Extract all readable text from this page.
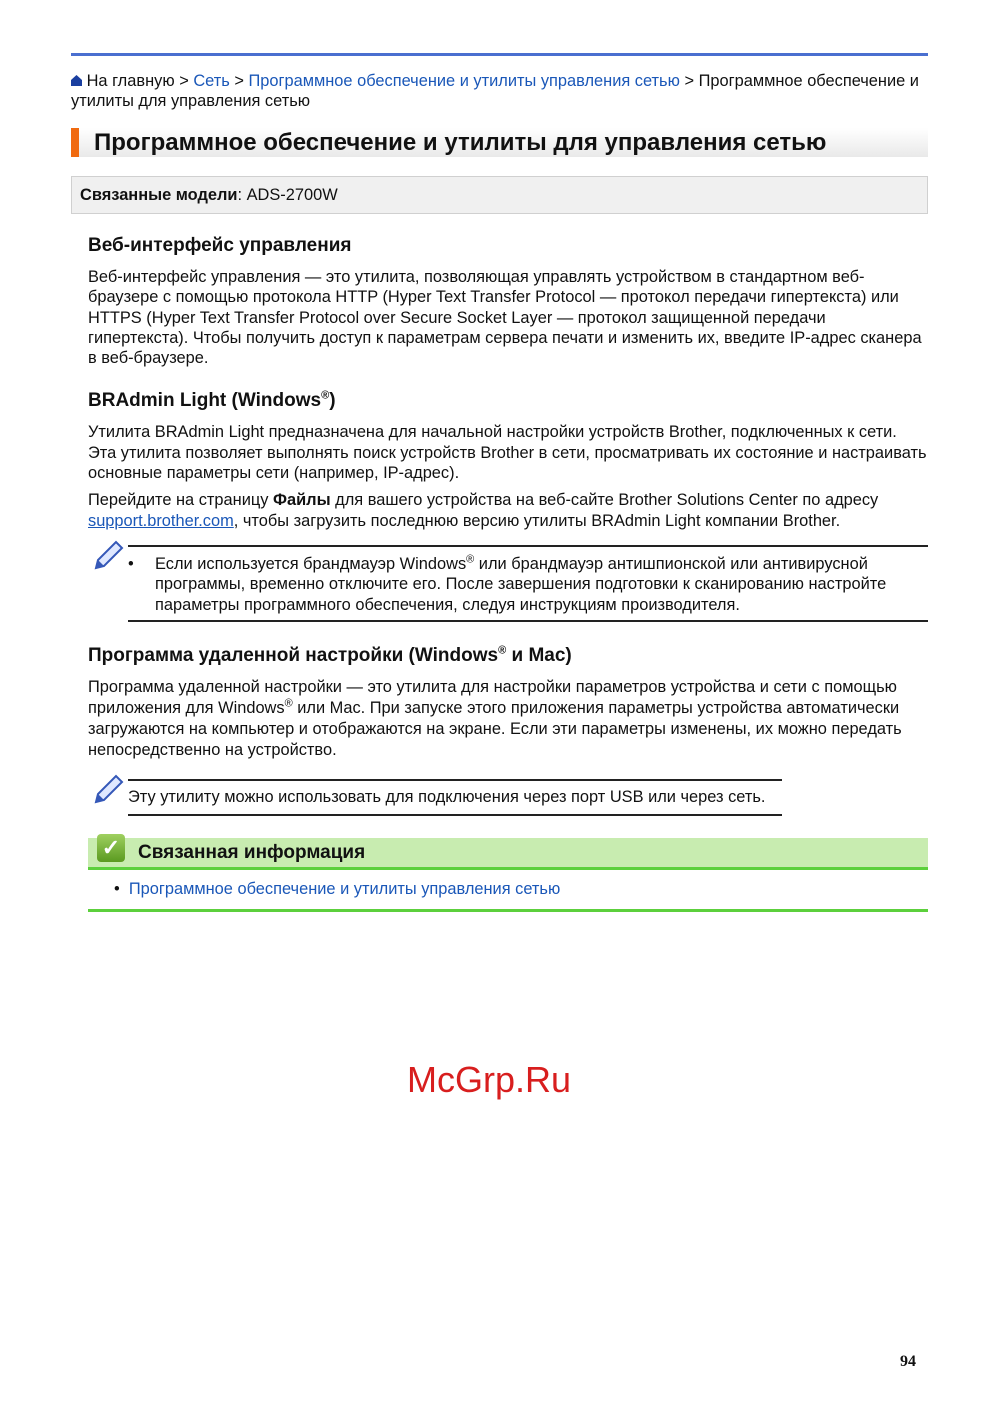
На главную > Сеть > Программное обеспечение и утилиты управления сетью > Программное обеспечение и утилиты для управления сетью
Программное обеспечение и утилиты для управления сетью
Связанные модели: ADS-2700W
Веб-интерфейс управления

Веб-интерфейс управления — это утилита, позволяющая управлять устройством в стандартном веб-браузере с помощью протокола HTTP (Hyper Text Transfer Protocol — протокол передачи гипертекста) или HTTPS (Hyper Text Transfer Protocol over Secure Socket Layer — протокол защищенной передачи гипертекста). Чтобы получить доступ к параметрам сервера печати и изменить их, введите IP-адрес сканера в веб-браузере.

BRAdmin Light (Windows®)

Утилита BRAdmin Light предназначена для начальной настройки устройств Brother, подключенных к сети. Эта утилита позволяет выполнять поиск устройств Brother в сети, просматривать их состояние и настраивать основные параметры сети (например, IP-адрес).

Перейдите на страницу Файлы для вашего устройства на веб-сайте Brother Solutions Center по адресу support.brother.com, чтобы загрузить последнюю версию утилиты BRAdmin Light компании Brother.

• Если используется брандмауэр Windows® или брандмауэр антишпионской или антивирусной программы, временно отключите его. После завершения подготовки к сканированию настройте параметры программного обеспечения, следуя инструкциям производителя.

Программа удаленной настройки (Windows® и Mac)

Программа удаленной настройки — это утилита для настройки параметров устройства и сети с помощью приложения для Windows® или Mac. При запуске этого приложения параметры устройства автоматически загружаются на компьютер и отображаются на экране. Если эти параметры изменены, их можно передать непосредственно на устройство.

Эту утилиту можно использовать для подключения через порт USB или через сеть.

✓ Связанная информация
• Программное обеспечение и утилиты управления сетью
McGrp.Ru
94
